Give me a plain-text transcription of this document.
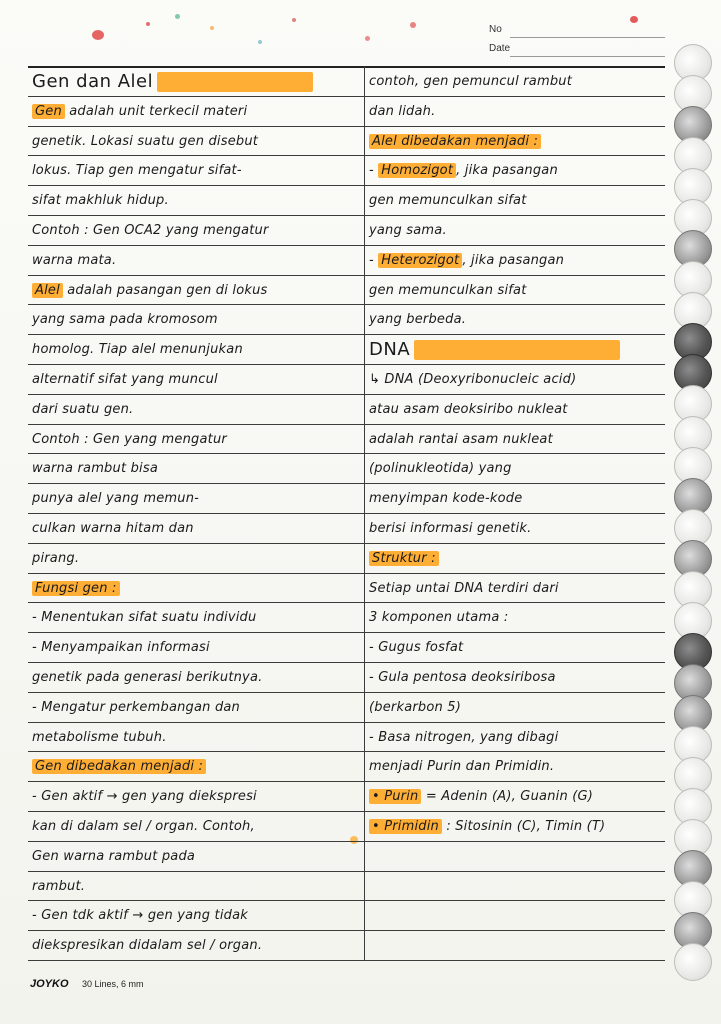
No
Date
Gen dan Alel
Gen adalah unit terkecil materi
genetik. Lokasi suatu gen disebut
lokus. Tiap gen mengatur sifat-
sifat makhluk hidup.
Contoh : Gen OCA2 yang mengatur
warna mata.
Alel adalah pasangan gen di lokus
yang sama pada kromosom
homolog. Tiap alel menunjukan
alternatif sifat yang muncul
dari suatu gen.
Contoh : Gen yang mengatur
warna rambut bisa
punya alel yang memun-
culkan warna hitam dan
pirang.
Fungsi gen :
- Menentukan sifat suatu individu
- Menyampaikan informasi
genetik pada generasi berikutnya.
- Mengatur perkembangan dan
metabolisme tubuh.
Gen dibedakan menjadi :
- Gen aktif → gen yang diekspresi
kan di dalam sel / organ. Contoh,
Gen warna rambut pada
rambut.
- Gen tdk aktif → gen yang tidak
diekspresikan didalam sel / organ.
contoh, gen pemuncul rambut
dan lidah.
Alel dibedakan menjadi :
- Homozigot , jika pasangan
gen memunculkan sifat
yang sama.
- Heterozigot , jika pasangan
gen memunculkan sifat
yang berbeda.
DNA
↳ DNA (Deoxyribonucleic acid)
atau asam deoksiribo nukleat
adalah rantai asam nukleat
(polinukleotida) yang
menyimpan kode-kode
berisi informasi genetik.
Struktur :
Setiap untai DNA terdiri dari
3 komponen utama :
- Gugus fosfat
- Gula pentosa deoksiribosa
(berkarbon 5)
- Basa nitrogen, yang dibagi
menjadi Purin dan Primidin.
• Purin = Adenin (A), Guanin (G)
• Primidin : Sitosinin (C), Timin (T)
JOYKO 30 Lines, 6 mm
